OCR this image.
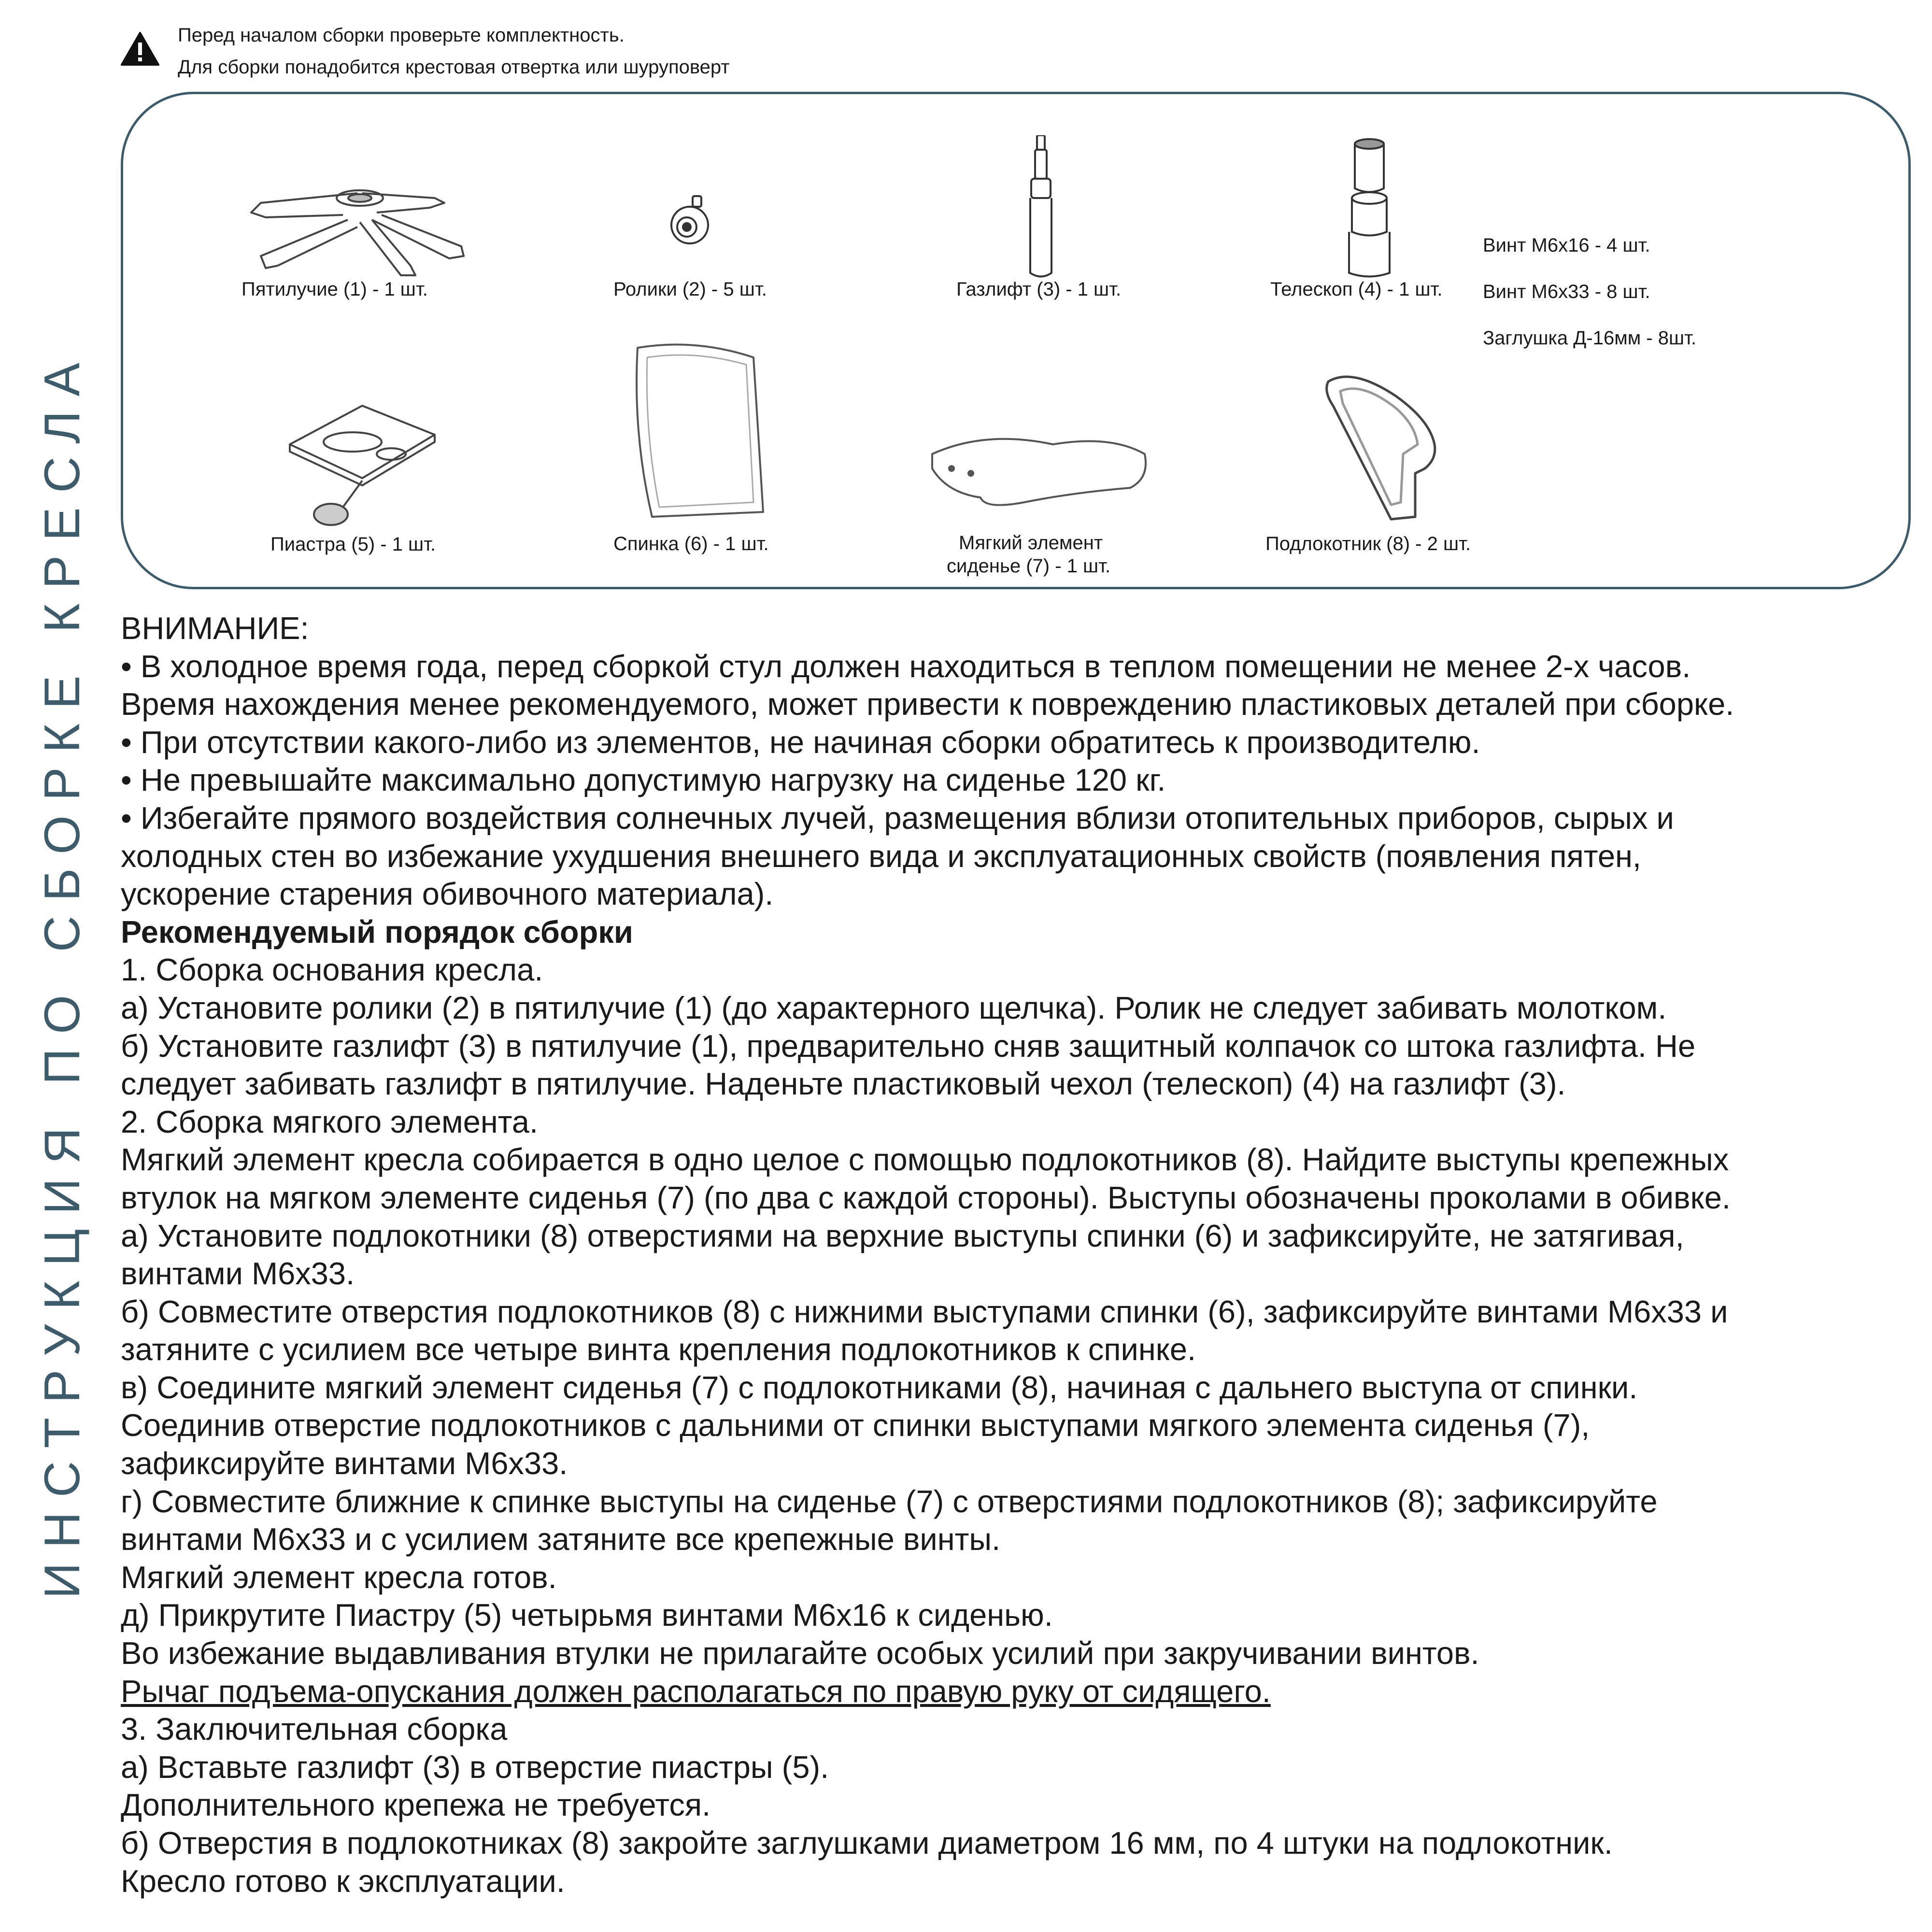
Перед началом сборки проверьте комплектность.
Для сборки понадобится крестовая отвертка или шуруповерт
ИНСТРУКЦИЯ ПО СБОРКЕ КРЕСЛА
Пятилучие (1) - 1 шт.	Ролики (2) - 5 шт.	Газлифт (3) - 1 шт.	Телескоп (4) - 1 шт.
Пиастра (5) - 1 шт.	Спинка (6) - 1 шт.	Мягкий элемент
сиденье (7) - 1 шт.
Подлокотник (8) - 2 шт.
Винт М6х16 - 4 шт.
Винт М6х33 - 8 шт.
Заглушка Д-16мм - 8шт.
ВНИМАНИЕ:
• В холодное время года, перед сборкой стул должен находиться в теплом помещении не менее 2-х часов.
Время нахождения менее рекомендуемого, может привести к повреждению пластиковых деталей при сборке.
• При отсутствии какого-либо из элементов, не начиная сборки обратитесь к производителю.
• Не превышайте максимально допустимую нагрузку на сиденье 120 кг.
• Избегайте прямого воздействия солнечных лучей, размещения вблизи отопительных приборов, сырых и
холодных стен во избежание ухудшения внешнего вида и эксплуатационных свойств (появления пятен,
ускорение старения обивочного материала).
Рекомендуемый порядок сборки
1. Сборка основания кресла.
а) Установите ролики (2) в пятилучие (1) (до характерного щелчка). Ролик не следует забивать молотком.
б) Установите газлифт (3) в пятилучие (1), предварительно сняв защитный колпачок со штока газлифта. Не
следует забивать газлифт в пятилучие. Наденьте пластиковый чехол (телескоп) (4) на газлифт (3).
2. Сборка мягкого элемента.
Мягкий элемент кресла собирается в одно целое с помощью подлокотников (8). Найдите выступы крепежных
втулок на мягком элементе сиденья (7) (по два с каждой стороны). Выступы обозначены проколами в обивке.
а) Установите подлокотники (8) отверстиями на верхние выступы спинки (6) и зафиксируйте, не затягивая,
винтами М6х33.
б) Совместите отверстия подлокотников (8) с нижними выступами спинки (6), зафиксируйте винтами М6х33 и
затяните с усилием все четыре винта крепления подлокотников к спинке.
в) Соедините мягкий элемент сиденья (7) с подлокотниками (8), начиная с дальнего выступа от спинки.
Соединив отверстие подлокотников с дальними от спинки выступами мягкого элемента сиденья (7),
зафиксируйте винтами М6х33.
г) Совместите ближние к спинке выступы на сиденье (7) с отверстиями подлокотников (8); зафиксируйте
винтами М6х33 и с усилием затяните все крепежные винты.
Мягкий элемент кресла готов.
д) Прикрутите Пиастру (5) четырьмя винтами М6х16 к сиденью.
Во избежание выдавливания втулки не прилагайте особых усилий при закручивании винтов.
Рычаг подъема-опускания должен располагаться по правую руку от сидящего.
3. Заключительная сборка
а) Вставьте газлифт (3) в отверстие пиастры (5).
Дополнительного крепежа не требуется.
б) Отверстия в подлокотниках (8) закройте заглушками диаметром 16 мм, по 4 штуки на подлокотник.
Кресло готово к эксплуатации.
